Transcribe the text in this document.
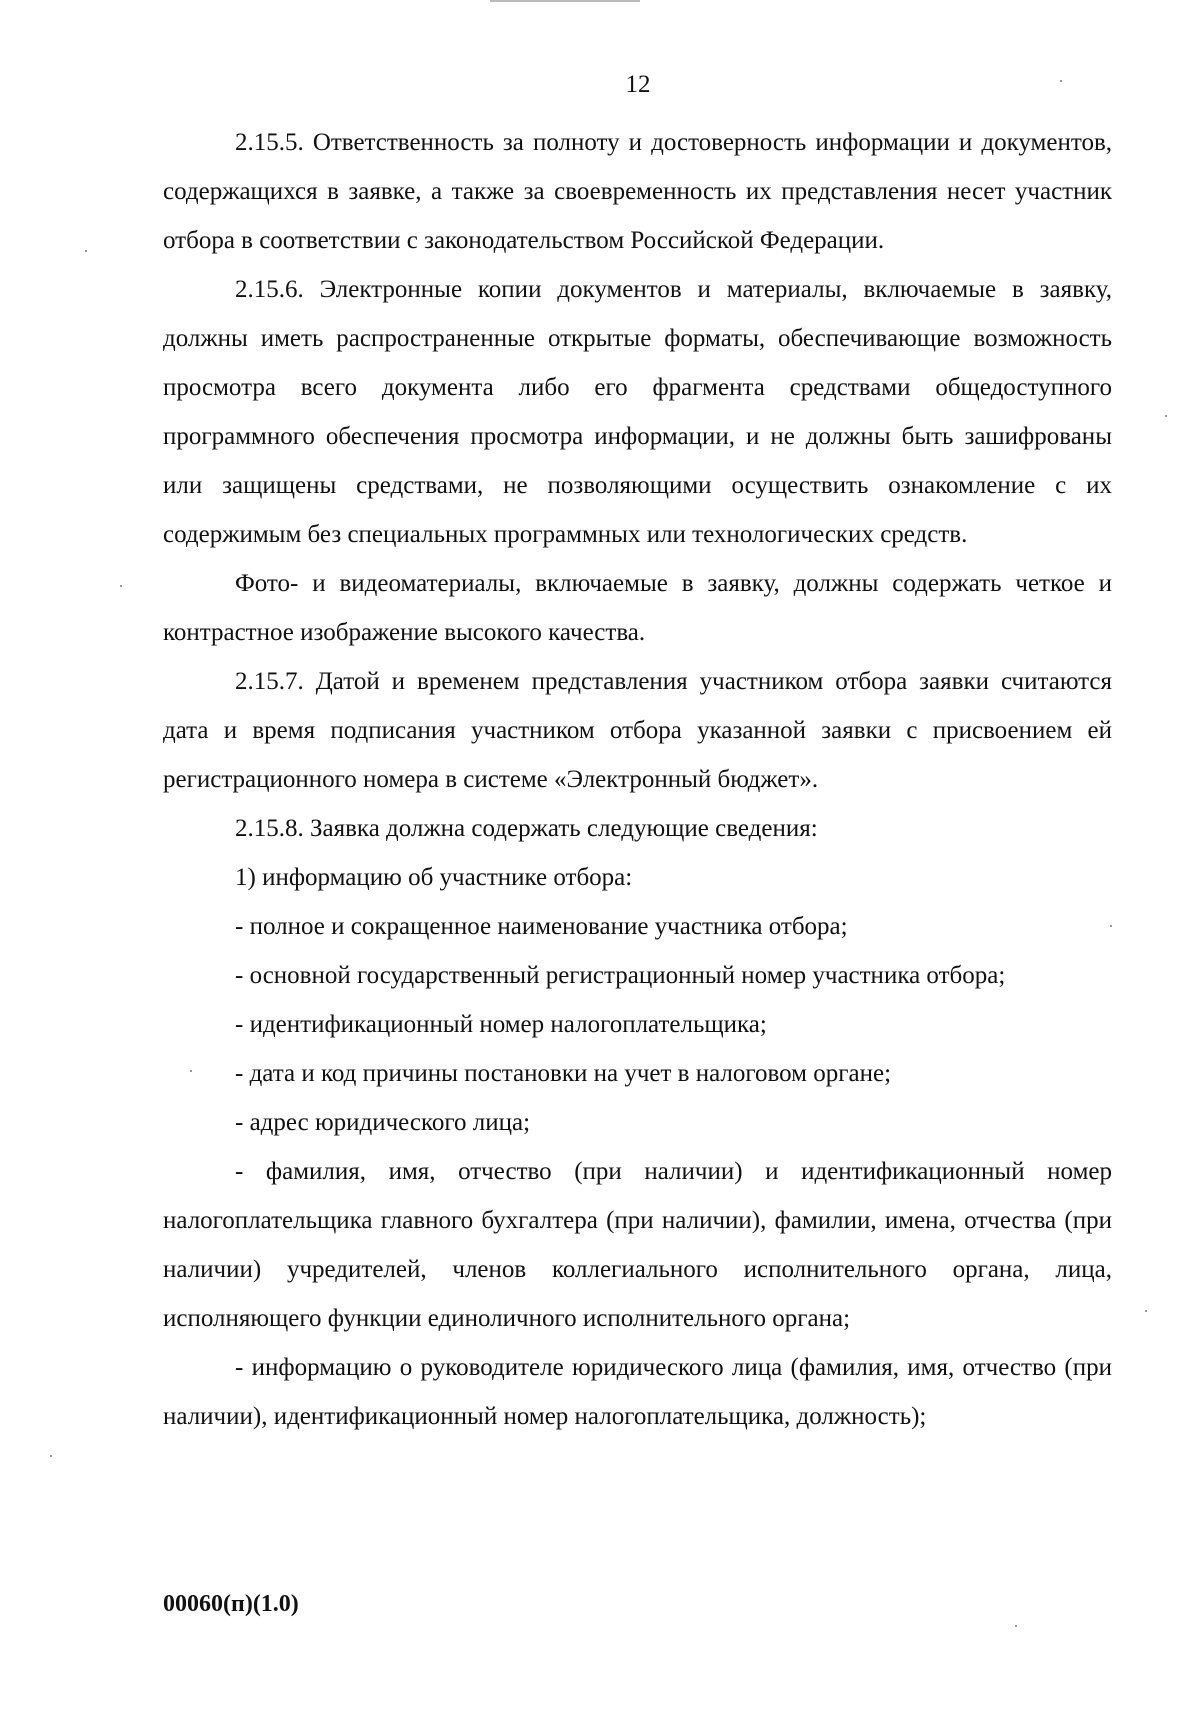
12

2.15.5. Ответственность за полноту и достоверность информации и документов, содержащихся в заявке, а также за своевременность их представления несет участник отбора в соответствии с законодательством Российской Федерации.

2.15.6. Электронные копии документов и материалы, включаемые в заявку, должны иметь распространенные открытые форматы, обеспечивающие возможность просмотра всего документа либо его фрагмента средствами общедоступного программного обеспечения просмотра информации, и не должны быть зашифрованы или защищены средствами, не позволяющими осуществить ознакомление с их содержимым без специальных программных или технологических средств.

Фото- и видеоматериалы, включаемые в заявку, должны содержать четкое и контрастное изображение высокого качества.

2.15.7. Датой и временем представления участником отбора заявки считаются дата и время подписания участником отбора указанной заявки с присвоением ей регистрационного номера в системе «Электронный бюджет».

2.15.8. Заявка должна содержать следующие сведения:

1) информацию об участнике отбора:

- полное и сокращенное наименование участника отбора;

- основной государственный регистрационный номер участника отбора;

- идентификационный номер налогоплательщика;

- дата и код причины постановки на учет в налоговом органе;

- адрес юридического лица;

- фамилия, имя, отчество (при наличии) и идентификационный номер налогоплательщика главного бухгалтера (при наличии), фамилии, имена, отчества (при наличии) учредителей, членов коллегиального исполнительного органа, лица, исполняющего функции единоличного исполнительного органа;

- информацию о руководителе юридического лица (фамилия, имя, отчество (при наличии), идентификационный номер налогоплательщика, должность);

00060(п)(1.0)
